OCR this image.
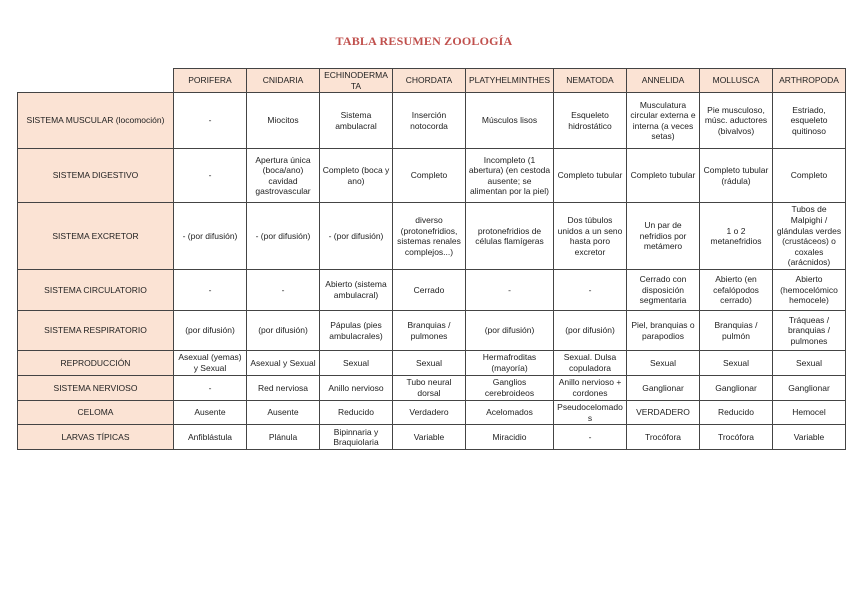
TABLA RESUMEN ZOOLOGÍA
	PORIFERA	CNIDARIA	ECHINODERMATA	CHORDATA	PLATYHELMINTHES	NEMATODA	ANNELIDA	MOLLUSCA	ARTHROPODA
SISTEMA MUSCULAR (locomoción)	-	Miocitos	Sistema ambulacral	Inserción notocorda	Músculos lisos	Esqueleto hidrostático	Musculatura circular externa e interna (a veces setas)	Pie musculoso, músc. aductores (bivalvos)	Estriado, esqueleto quitinoso
SISTEMA DIGESTIVO	-	Apertura única (boca/ano) cavidad gastrovascular	Completo (boca y ano)	Completo	Incompleto (1 abertura) (en cestoda ausente; se alimentan por la piel)	Completo tubular	Completo tubular	Completo tubular (rádula)	Completo
SISTEMA EXCRETOR	- (por difusión)	- (por difusión)	- (por difusión)	diverso (protonefridios, sistemas renales complejos...)	protonefridios de células flamígeras	Dos túbulos unidos a un seno hasta poro excretor	Un par de nefridios por metámero	1 o 2 metanefridios	Tubos de Malpighi / glándulas verdes (crustáceos) o coxales (arácnidos)
SISTEMA CIRCULATORIO	-	-	Abierto (sistema ambulacral)	Cerrado	-	-	Cerrado con disposición segmentaria	Abierto (en cefalópodos cerrado)	Abierto (hemocelómico hemocele)
SISTEMA RESPIRATORIO	(por difusión)	(por difusión)	Pápulas (pies ambulacrales)	Branquias / pulmones	(por difusión)	(por difusión)	Piel, branquias o parapodios	Branquias / pulmón	Tráqueas / branquias / pulmones
REPRODUCCIÓN	Asexual (yemas) y Sexual	Asexual y Sexual	Sexual	Sexual	Hermafroditas (mayoría)	Sexual. Dulsa copuladora	Sexual	Sexual	Sexual
SISTEMA NERVIOSO	-	Red nerviosa	Anillo nervioso	Tubo neural dorsal	Ganglios cerebroideos	Anillo nervioso + cordones	Ganglionar	Ganglionar	Ganglionar
CELOMA	Ausente	Ausente	Reducido	Verdadero	Acelomados	Pseudocelomados	VERDADERO	Reducido	Hemocel
LARVAS TÍPICAS	Anfiblástula	Plánula	Bipinnaria y Braquiolaria	Variable	Miracidio	-	Trocófora	Trocófora	Variable
